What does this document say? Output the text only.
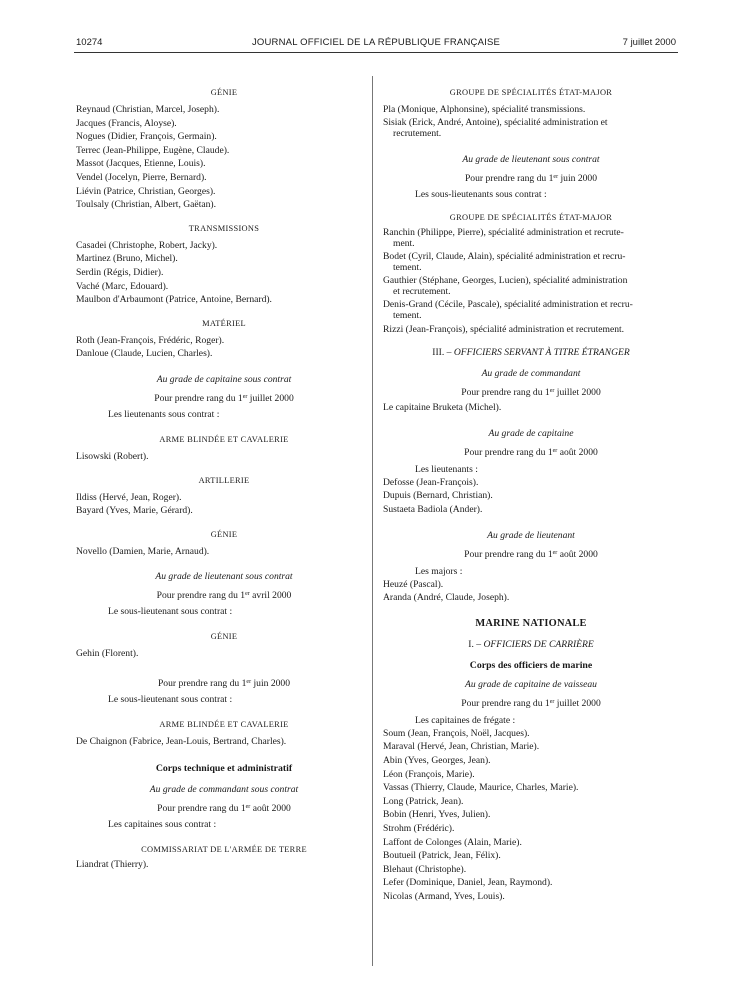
10274	JOURNAL OFFICIEL DE LA RÉPUBLIQUE FRANÇAISE	7 juillet 2000
GÉNIE
Reynaud (Christian, Marcel, Joseph).
Jacques (Francis, Aloyse).
Nogues (Didier, François, Germain).
Terrec (Jean-Philippe, Eugène, Claude).
Massot (Jacques, Etienne, Louis).
Vendel (Jocelyn, Pierre, Bernard).
Liévin (Patrice, Christian, Georges).
Toulsaly (Christian, Albert, Gaëtan).
TRANSMISSIONS
Casadei (Christophe, Robert, Jacky).
Martinez (Bruno, Michel).
Serdin (Régis, Didier).
Vaché (Marc, Edouard).
Maulbon d'Arbaumont (Patrice, Antoine, Bernard).
MATÉRIEL
Roth (Jean-François, Frédéric, Roger).
Danloue (Claude, Lucien, Charles).
Au grade de capitaine sous contrat
Pour prendre rang du 1er juillet 2000
Les lieutenants sous contrat :
ARME BLINDÉE ET CAVALERIE
Lisowski (Robert).
ARTILLERIE
Ildiss (Hervé, Jean, Roger).
Bayard (Yves, Marie, Gérard).
GÉNIE
Novello (Damien, Marie, Arnaud).
Au grade de lieutenant sous contrat
Pour prendre rang du 1er avril 2000
Le sous-lieutenant sous contrat :
GÉNIE
Gehin (Florent).
Pour prendre rang du 1er juin 2000
Le sous-lieutenant sous contrat :
ARME BLINDÉE ET CAVALERIE
De Chaignon (Fabrice, Jean-Louis, Bertrand, Charles).
Corps technique et administratif
Au grade de commandant sous contrat
Pour prendre rang du 1er août 2000
Les capitaines sous contrat :
COMMISSARIAT DE L'ARMÉE DE TERRE
Liandrat (Thierry).
GROUPE DE SPÉCIALITÉS ÉTAT-MAJOR
Pla (Monique, Alphonsine), spécialité transmissions.
Sisiak (Erick, André, Antoine), spécialité administration et
recrutement.
Au grade de lieutenant sous contrat
Pour prendre rang du 1er juin 2000
Les sous-lieutenants sous contrat :
GROUPE DE SPÉCIALITÉS ÉTAT-MAJOR
Ranchin (Philippe, Pierre), spécialité administration et recrute-
ment.
Bodet (Cyril, Claude, Alain), spécialité administration et recru-
tement.
Gauthier (Stéphane, Georges, Lucien), spécialité administration
et recrutement.
Denis-Grand (Cécile, Pascale), spécialité administration et recru-
tement.
Rizzi (Jean-François), spécialité administration et recrutement.
III. – OFFICIERS SERVANT À TITRE ÉTRANGER
Au grade de commandant
Pour prendre rang du 1er juillet 2000
Le capitaine Bruketa (Michel).
Au grade de capitaine
Pour prendre rang du 1er août 2000
Les lieutenants :
Defosse (Jean-François).
Dupuis (Bernard, Christian).
Sustaeta Badiola (Ander).
Au grade de lieutenant
Pour prendre rang du 1er août 2000
Les majors :
Heuzé (Pascal).
Aranda (André, Claude, Joseph).
MARINE NATIONALE
I. – OFFICIERS DE CARRIÈRE
Corps des officiers de marine
Au grade de capitaine de vaisseau
Pour prendre rang du 1er juillet 2000
Les capitaines de frégate :
Soum (Jean, François, Noël, Jacques).
Maraval (Hervé, Jean, Christian, Marie).
Abin (Yves, Georges, Jean).
Léon (François, Marie).
Vassas (Thierry, Claude, Maurice, Charles, Marie).
Long (Patrick, Jean).
Bobin (Henri, Yves, Julien).
Strohm (Frédéric).
Laffont de Colonges (Alain, Marie).
Boutueil (Patrick, Jean, Félix).
Blehaut (Christophe).
Lefer (Dominique, Daniel, Jean, Raymond).
Nicolas (Armand, Yves, Louis).
